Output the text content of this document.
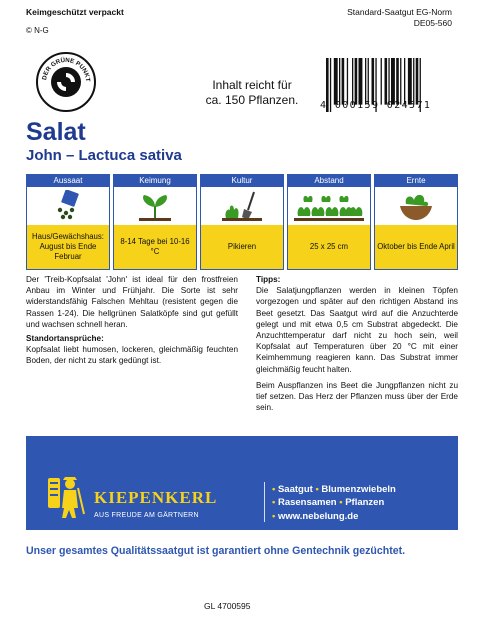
Keimgeschützt verpackt	Standard-Saatgut EG-Norm
DE05-560
© N-G
DER GRÜNE PUNKT	Inhalt reicht für
ca. 150 Pflanzen.	4 000159 024571
Salat
John – Lactuca sativa
Aussaat
Haus/Gewächshaus: August bis Ende Februar
Keimung
8-14 Tage bei 10-16 °C
Kultur
Pikieren
Abstand
25 x 25 cm
Ernte
Oktober bis Ende April

Der 'Treib-Kopfsalat 'John' ist ideal für den frostfreien Anbau im Winter und Frühjahr. Die Sorte ist sehr widerstandsfähig Falschen Mehltau (resistent gegen die Rassen 1-24). Die hellgrünen Salatköpfe sind gut gefüllt und wachsen schnell heran.

Standortansprüche:

Kopfsalat liebt humosen, lockeren, gleichmäßig feuchten Boden, der nicht zu stark gedüngt ist.

Tipps:

Die Salatjungpflanzen werden in kleinen Töpfen vorgezogen und später auf den richtigen Abstand ins Beet gesetzt. Das Saatgut wird auf die Anzuchterde gelegt und mit etwa 0,5 cm Substrat abgedeckt. Die Anzuchttemperatur darf nicht zu hoch sein, weil Kopfsalat auf Temperaturen über 20 °C mit einer Keimhemmung reagieren kann. Das Substrat immer gleichmäßig feucht halten.

Beim Auspflanzen ins Beet die Jungpflanzen nicht zu tief setzen. Das Herz der Pflanzen muss über der Erde sein.

KIEPENKERL
AUS FREUDE AM GÄRTNERN
• Saatgut • Blumenzwiebeln
• Rasensamen • Pflanzen
• www.nebelung.de
Unser gesamtes Qualitätssaatgut ist garantiert ohne Gentechnik gezüchtet.
GL 4700595
